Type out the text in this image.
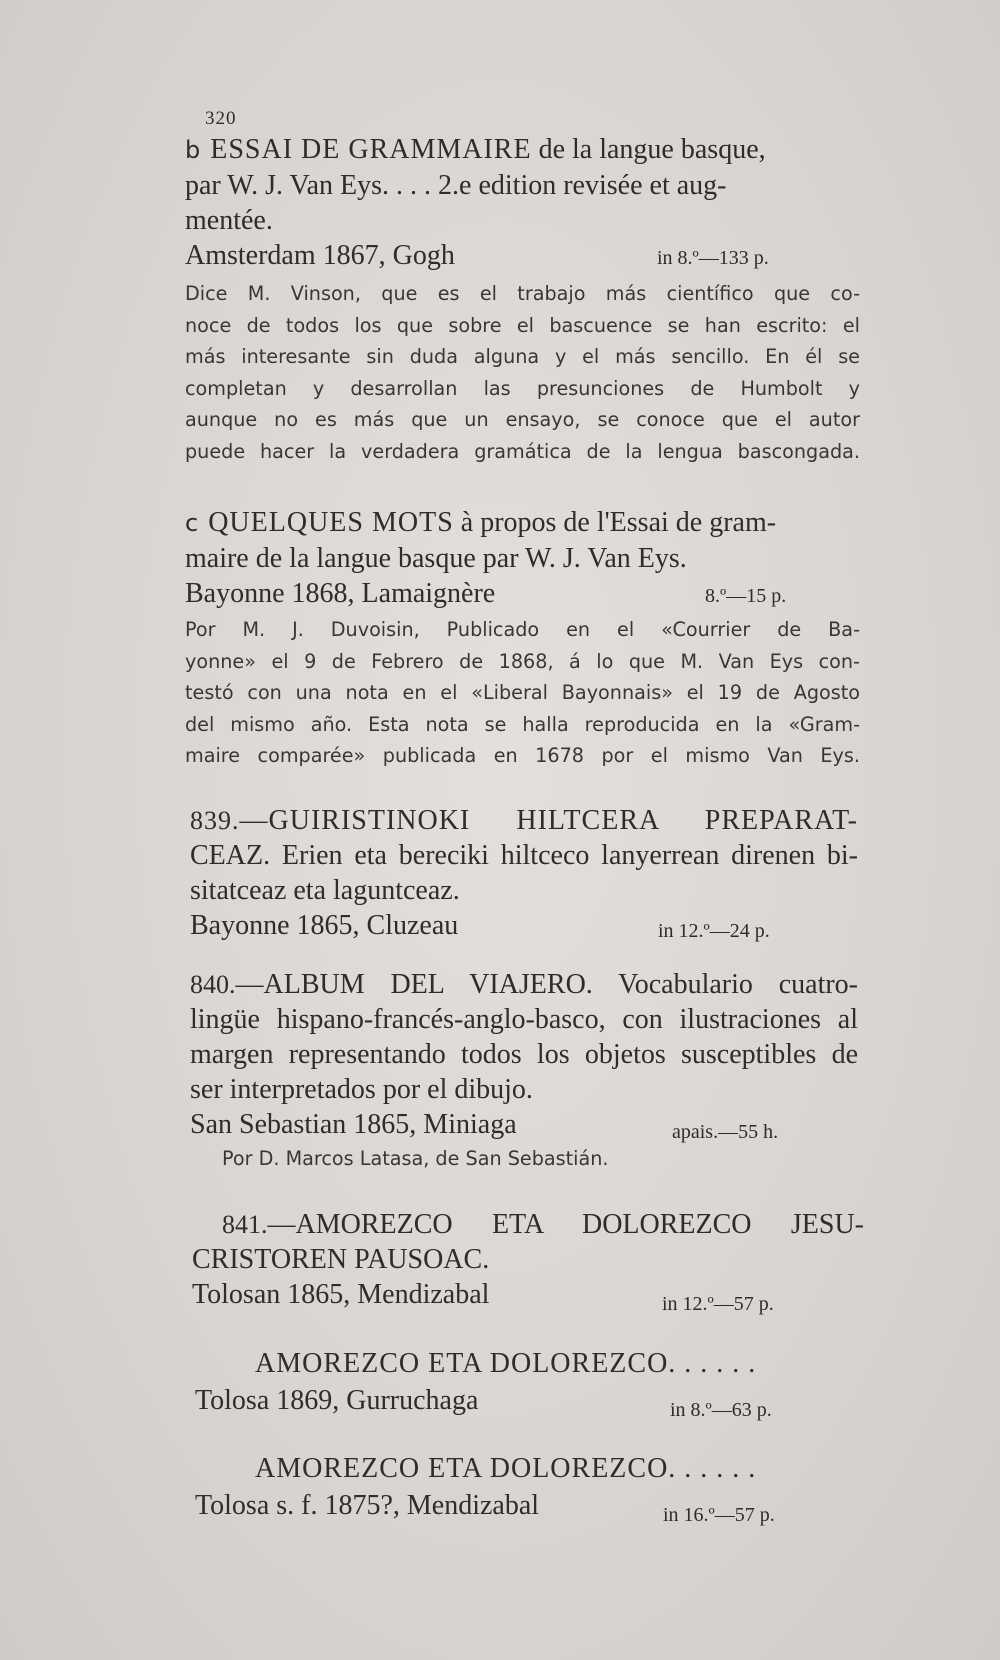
320
b ESSAI DE GRAMMAIRE de la langue basque,
par W. J. Van Eys. . . . 2.e edition revisée et aug-
mentée.
Amsterdam 1867, Gogh	in 8.º—133 p.
Dice M. Vinson, que es el trabajo más científico que co-
noce de todos los que sobre el bascuence se han escrito: el
más interesante sin duda alguna y el más sencillo. En él se
completan y desarrollan las presunciones de Humbolt y
aunque no es más que un ensayo, se conoce que el autor
puede hacer la verdadera gramática de la lengua bascongada.
c QUELQUES MOTS à propos de l'Essai de gram-
maire de la langue basque par W. J. Van Eys.
Bayonne 1868, Lamaignère	8.º—15 p.
Por M. J. Duvoisin, Publicado en el «Courrier de Ba-
yonne» el 9 de Febrero de 1868, á lo que M. Van Eys con-
testó con una nota en el «Liberal Bayonnais» el 19 de Agosto
del mismo año. Esta nota se halla reproducida en la «Gram-
maire comparée» publicada en 1678 por el mismo Van Eys.
839.—GUIRISTINOKI HILTCERA PREPARAT-
CEAZ. Erien eta bereciki hiltceco lanyerrean direnen bi-
sitatceaz eta laguntceaz.
Bayonne 1865, Cluzeau	in 12.º—24 p.
840.—ALBUM DEL VIAJERO. Vocabulario cuatro-
lingüe hispano-francés-anglo-basco, con ilustraciones al
margen representando todos los objetos susceptibles de
ser interpretados por el dibujo.
San Sebastian 1865, Miniaga	apais.—55 h.
Por D. Marcos Latasa, de San Sebastián.
841.—AMOREZCO ETA DOLOREZCO JESU-
CRISTOREN PAUSOAC.
Tolosan 1865, Mendizabal	in 12.º—57 p.
AMOREZCO ETA DOLOREZCO. . . . . .
Tolosa 1869, Gurruchaga	in 8.º—63 p.
AMOREZCO ETA DOLOREZCO. . . . . .
Tolosa s. f. 1875?, Mendizabal	in 16.º—57 p.
